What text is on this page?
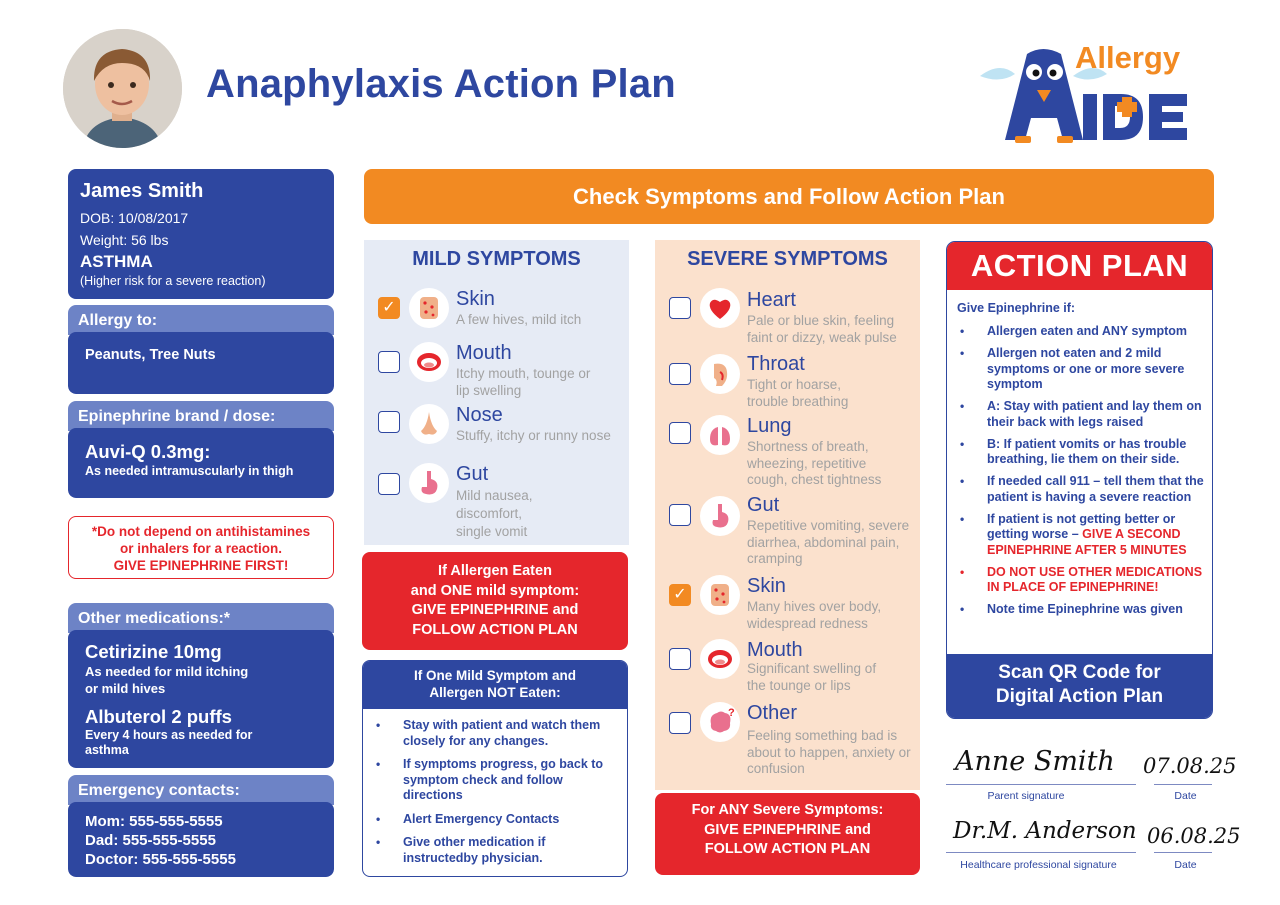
Anaphylaxis Action Plan
Allergy
James Smith
DOB: 10/08/2017
Weight: 56 lbs
ASTHMA
(Higher risk for a severe reaction)
Allergy to:
Peanuts, Tree Nuts
Epinephrine brand / dose:
Auvi-Q 0.3mg:
As needed intramuscularly in thigh
*Do not depend on antihistamines
or inhalers for a reaction.
GIVE EPINEPHRINE FIRST!
Other medications:*
Cetirizine 10mg
As needed for mild itching
or mild hives
Albuterol 2 puffs
Every 4 hours as needed for
asthma
Emergency contacts:
Mom: 555-555-5555
Dad: 555-555-5555
Doctor: 555-555-5555
Check Symptoms and Follow Action Plan
MILD SYMPTOMS
✓	Skin
A few hives, mild itch
Mouth
Itchy mouth, tounge or lip swelling
Nose
Stuffy, itchy or runny nose
Gut
Mild nausea, discomfort, single vomit
If Allergen Eaten
and ONE mild symptom:
GIVE EPINEPHRINE and
FOLLOW ACTION PLAN
If One Mild Symptom and
Allergen NOT Eaten:
• Stay with patient and watch them closely for any changes.
• If symptoms progress, go back to symptom check and follow directions
• Alert Emergency Contacts
• Give other medication if instructedby physician.
SEVERE SYMPTOMS
Heart
Pale or blue skin, feeling faint or dizzy, weak pulse
Throat
Tight or hoarse, trouble breathing
Lung
Shortness of breath, wheezing, repetitive cough, chest tightness
Gut
Repetitive vomiting, severe diarrhea, abdominal pain, cramping
✓	Skin
Many hives over body, widespread redness
Mouth
Significant swelling of the tounge or lips
? Other
Feeling something bad is about to happen, anxiety or confusion
For ANY Severe Symptoms:
GIVE EPINEPHRINE and
FOLLOW ACTION PLAN
ACTION PLAN
Give Epinephrine if:
• Allergen eaten and ANY symptom
• Allergen not eaten and 2 mild symptoms or one or more severe symptom
• A: Stay with patient and lay them on their back with legs raised
• B: If patient vomits or has trouble breathing, lie them on their side.
• If needed call 911 – tell them that the patient is having a severe reaction
• If patient is not getting better or getting worse – GIVE A SECOND EPINEPHRINE AFTER 5 MINUTES
• DO NOT USE OTHER MEDICATIONS IN PLACE OF EPINEPHRINE!
• Note time Epinephrine was given
Scan QR Code for
Digital Action Plan
Anne Smith 07.08.25
Parent signature	Date
Dr.M. Anderson 06.08.25
Healthcare professional signature	Date
